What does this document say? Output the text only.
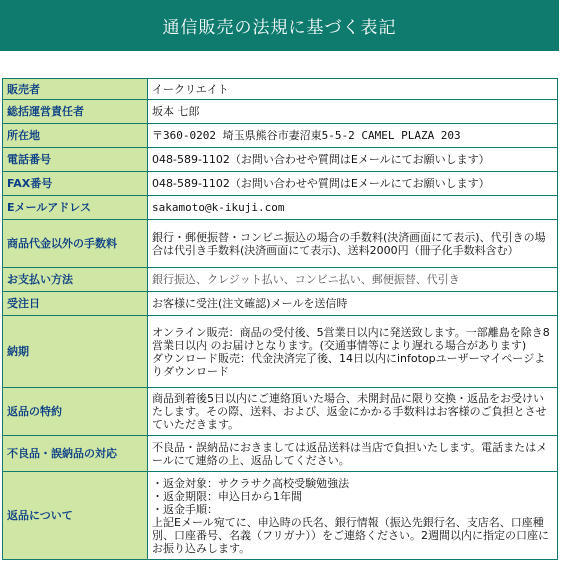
通信販売の法規に基づく表記
販売者	イークリエイト
総括運営責任者	坂本 七郎
所在地	〒360-0202 埼玉県熊谷市妻沼東5-5-2 CAMEL PLAZA 203
電話番号	048-589-1102（お問い合わせや質問はEメールにてお願いします）
FAX番号	048-589-1102（お問い合わせや質問はEメールにてお願いします）
Eメールアドレス	sakamoto@k-ikuji.com
商品代金以外の手数料	銀行・郵便振替・コンビニ振込の場合の手数料(決済画面にて表示)、代引きの場合は代引き手数料(決済画面にて表示)、送料2000円（冊子化手数料含む）
お支払い方法	銀行振込、クレジット払い、コンビニ払い、郵便振替、代引き
受注日	お客様に受注(注文確認)メールを送信時
納期	オンライン販売：商品の受付後、5営業日以内に発送致します。一部離島を除き8営業日以内 のお届けとなります。(交通事情等により遅れる場合があります)
ダウンロード販売：代金決済完了後、14日以内にinfotopユーザーマイページよりダウンロード
返品の特約	商品到着後5日以内にご連絡頂いた場合、未開封品に限り交換・返品をお受けいたします。その際、送料、および、返金にかかる手数料はお客様のご負担とさせていただきます。
不良品・誤納品の対応	不良品・誤納品におきましては返品送料は当店で負担いたします。電話またはメールにて連絡の上、返品してください。
返品について	・返金対象：サクラサク高校受験勉強法
・返金期限：申込日から1年間
・返金手順：
上記Eメール宛てに、申込時の氏名、銀行情報（振込先銀行名、支店名、口座種別、口座番号、名義（フリガナ））をご連絡ください。2週間以内に指定の口座にお振り込みします。
